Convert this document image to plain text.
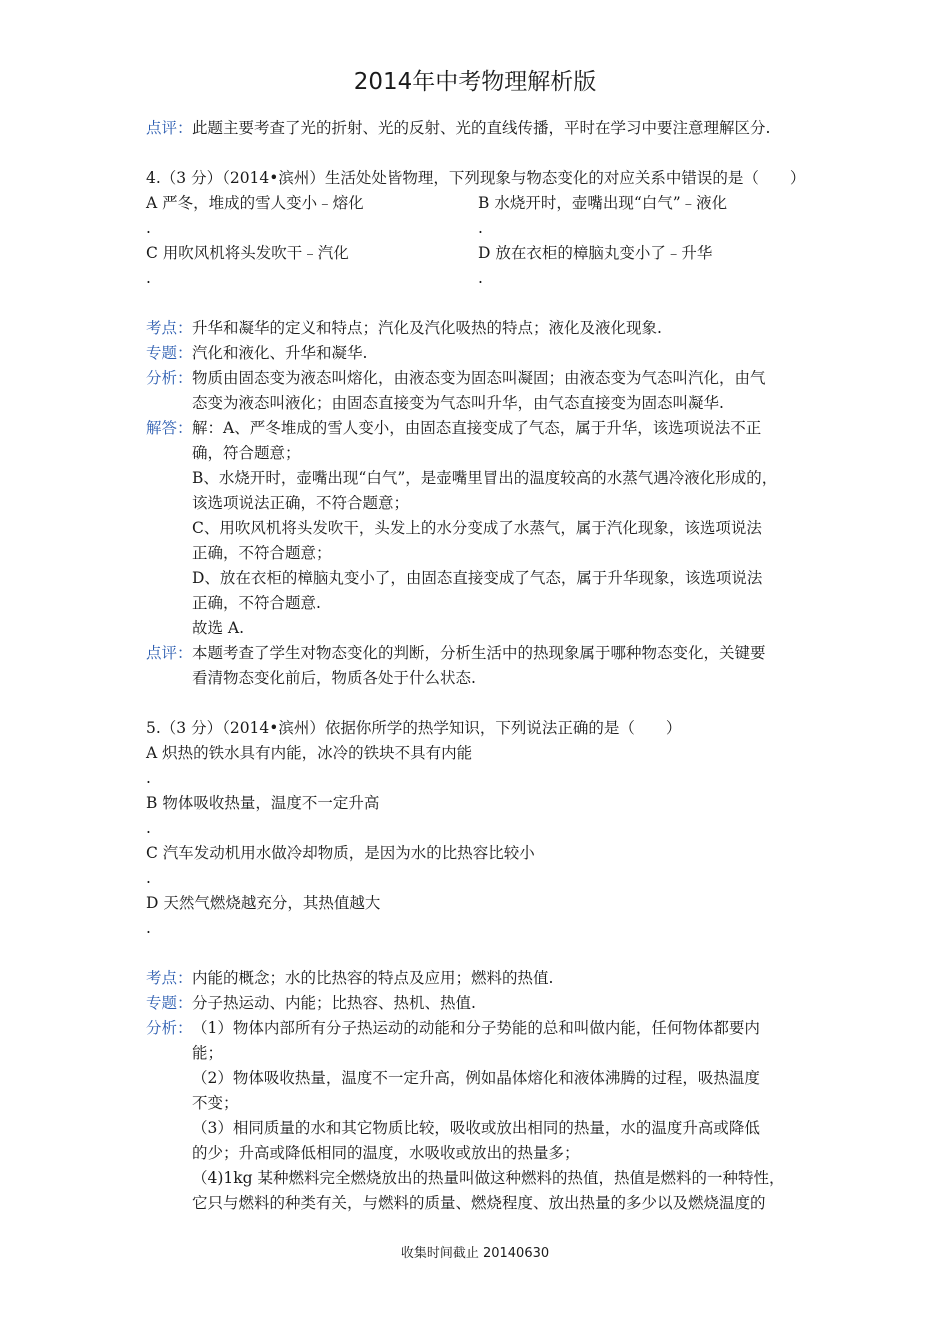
2014年中考物理解析版
点评： 此题主要考查了光的折射、光的反射、光的直线传播，平时在学习中要注意理解区分.
4.（3 分）（2014•滨州）生活处处皆物理，下列现象与物态变化的对应关系中错误的是（　　）
A 严冬，堆成的雪人变小﹣熔化	B 水烧开时，壶嘴出现“白气”﹣液化
.	.
C 用吹风机将头发吹干﹣汽化	D 放在衣柜的樟脑丸变小了﹣升华
.	.
考点： 升华和凝华的定义和特点；汽化及汽化吸热的特点；液化及液化现象.
专题： 汽化和液化、升华和凝华.
分析： 物质由固态变为液态叫熔化，由液态变为固态叫凝固；由液态变为气态叫汽化，由气
态变为液态叫液化；由固态直接变为气态叫升华，由气态直接变为固态叫凝华.
解答： 解：A、严冬堆成的雪人变小，由固态直接变成了气态，属于升华，该选项说法不正
确，符合题意；
B、水烧开时，壶嘴出现“白气”，是壶嘴里冒出的温度较高的水蒸气遇冷液化形成的，
该选项说法正确，不符合题意；
C、用吹风机将头发吹干，头发上的水分变成了水蒸气，属于汽化现象，该选项说法
正确，不符合题意；
D、放在衣柜的樟脑丸变小了，由固态直接变成了气态，属于升华现象，该选项说法
正确，不符合题意.
故选 A.
点评： 本题考查了学生对物态变化的判断，分析生活中的热现象属于哪种物态变化，关键要
看清物态变化前后，物质各处于什么状态.
5.（3 分）（2014•滨州）依据你所学的热学知识，下列说法正确的是（　　）
A 炽热的铁水具有内能，冰冷的铁块不具有内能
.
B 物体吸收热量，温度不一定升高
.
C 汽车发动机用水做冷却物质，是因为水的比热容比较小
.
D 天然气燃烧越充分，其热值越大
.
考点： 内能的概念；水的比热容的特点及应用；燃料的热值.
专题： 分子热运动、内能；比热容、热机、热值.
分析： （1）物体内部所有分子热运动的动能和分子势能的总和叫做内能，任何物体都要内
能；
（2）物体吸收热量，温度不一定升高，例如晶体熔化和液体沸腾的过程，吸热温度
不变；
（3）相同质量的水和其它物质比较，吸收或放出相同的热量，水的温度升高或降低
的少；升高或降低相同的温度，水吸收或放出的热量多；
（4)1kg 某种燃料完全燃烧放出的热量叫做这种燃料的热值，热值是燃料的一种特性，
它只与燃料的种类有关，与燃料的质量、燃烧程度、放出热量的多少以及燃烧温度的
收集时间截止 20140630
